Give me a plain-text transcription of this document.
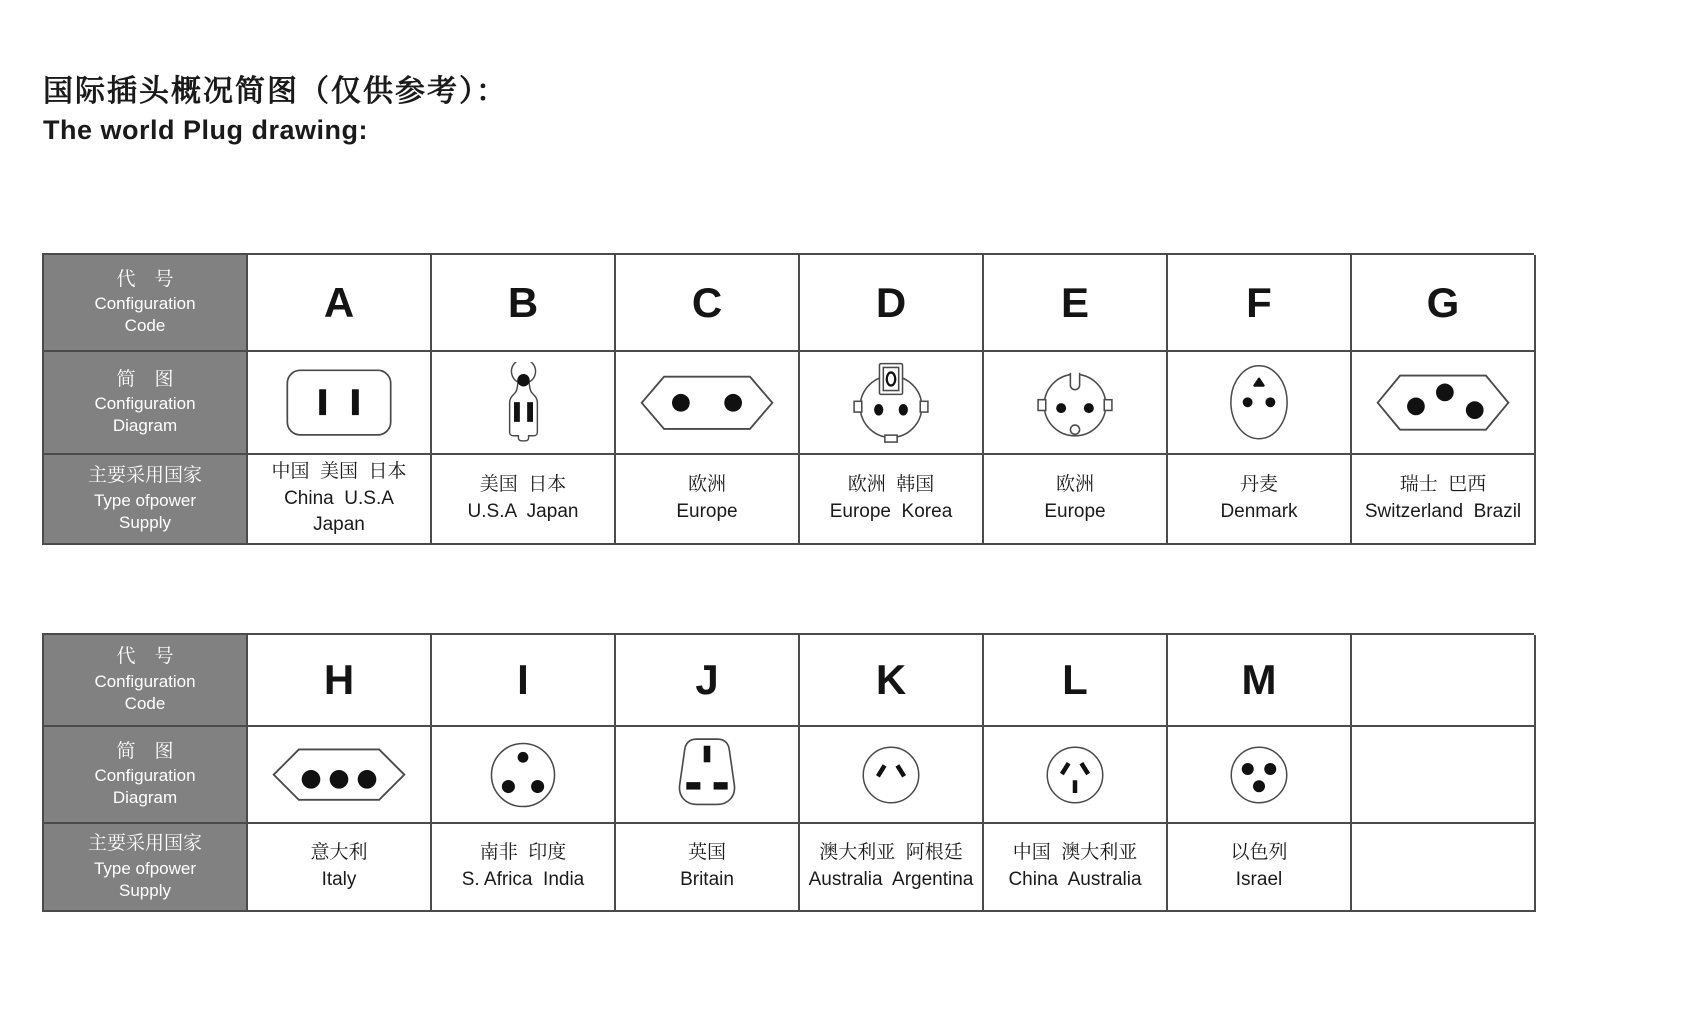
国际插头概况简图（仅供参考）：
The world Plug drawing:
代　号
Configuration
Code
简　图
Configuration
Diagram
主要采用国家
Type ofpower
Supply
A
中国  美国  日本
China  U.S.A
Japan
B
美国  日本
U.S.A  Japan
C
欧洲
Europe
D
欧洲  韩国
Europe  Korea
E
欧洲
Europe
F
丹麦
Denmark
G
瑞士  巴西
Switzerland  Brazil
代　号
Configuration
Code
简　图
Configuration
Diagram
主要采用国家
Type ofpower
Supply
H
意大利
Italy
I
南非  印度
S. Africa  India
J
英国
Britain
K
澳大利亚  阿根廷
Australia  Argentina
L
中国  澳大利亚
China  Australia
M
以色列
Israel
